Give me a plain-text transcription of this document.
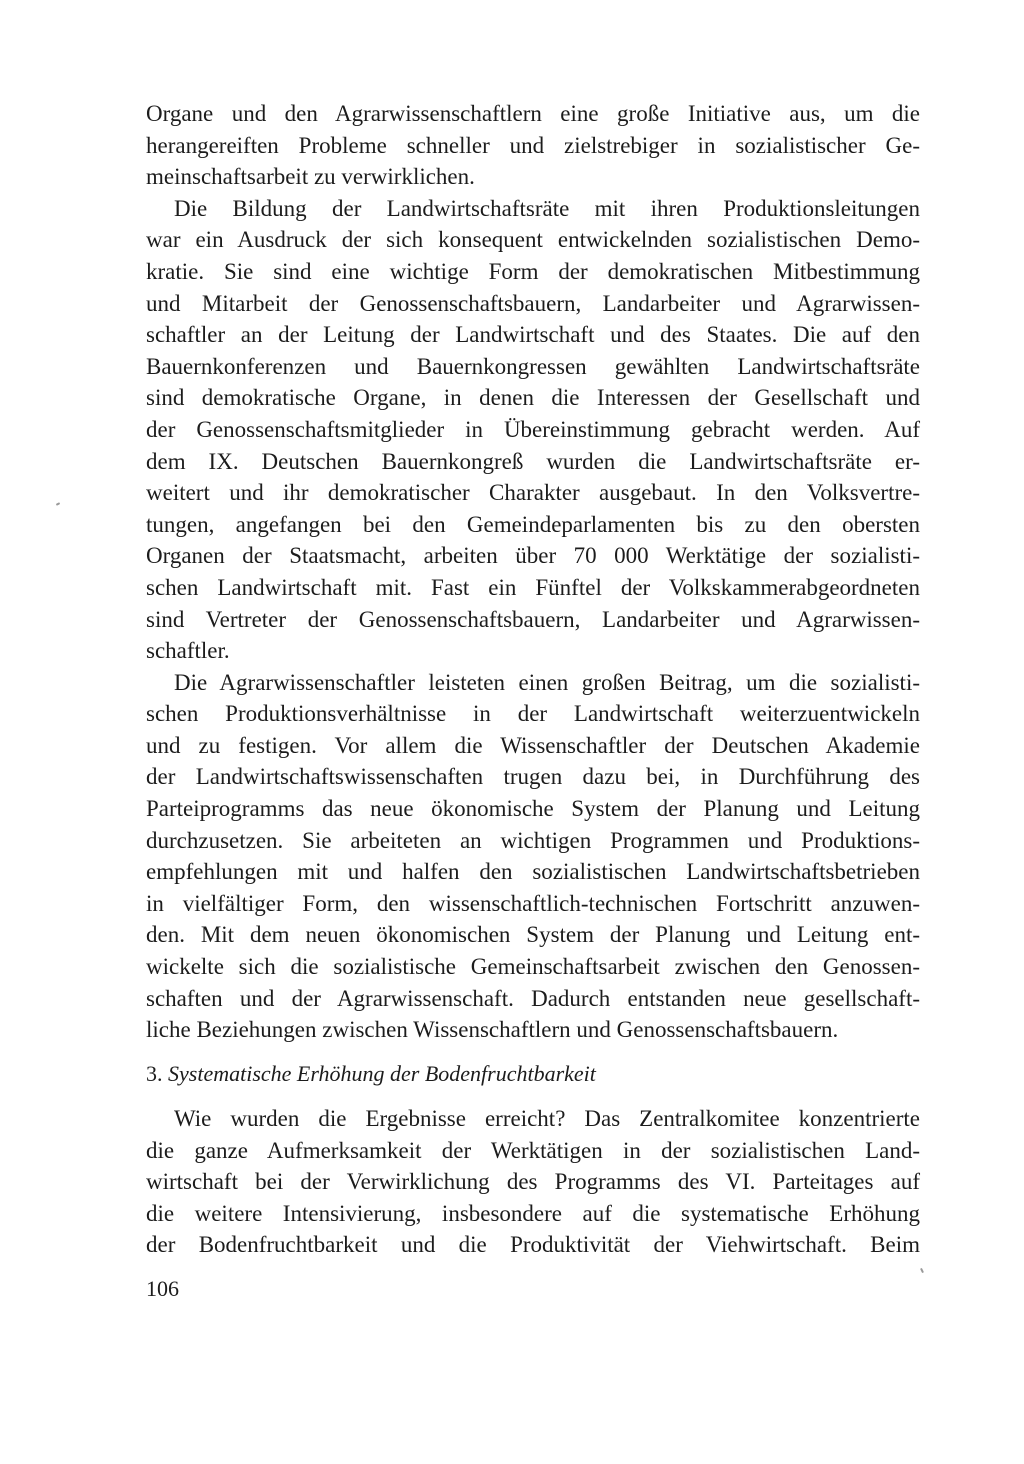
Organe und den Agrarwissenschaftlern eine große Initiative aus, um die
herangereiften Probleme schneller und zielstrebiger in sozialistischer Ge-
meinschaftsarbeit zu verwirklichen.

Die Bildung der Landwirtschaftsräte mit ihren Produktionsleitungen
war ein Ausdruck der sich konsequent entwickelnden sozialistischen Demo-
kratie. Sie sind eine wichtige Form der demokratischen Mitbestimmung
und Mitarbeit der Genossenschaftsbauern, Landarbeiter und Agrarwissen-
schaftler an der Leitung der Landwirtschaft und des Staates. Die auf den
Bauernkonferenzen und Bauernkongressen gewählten Landwirtschaftsräte
sind demokratische Organe, in denen die Interessen der Gesellschaft und
der Genossenschaftsmitglieder in Übereinstimmung gebracht werden. Auf
dem IX. Deutschen Bauernkongreß wurden die Landwirtschaftsräte er-
weitert und ihr demokratischer Charakter ausgebaut. In den Volksvertre-
tungen, angefangen bei den Gemeindeparlamenten bis zu den obersten
Organen der Staatsmacht, arbeiten über 70 000 Werktätige der sozialisti-
schen Landwirtschaft mit. Fast ein Fünftel der Volkskammerabgeordneten
sind Vertreter der Genossenschaftsbauern, Landarbeiter und Agrarwissen-
schaftler.

Die Agrarwissenschaftler leisteten einen großen Beitrag, um die sozialisti-
schen Produktionsverhältnisse in der Landwirtschaft weiterzuentwickeln
und zu festigen. Vor allem die Wissenschaftler der Deutschen Akademie
der Landwirtschaftswissenschaften trugen dazu bei, in Durchführung des
Parteiprogramms das neue ökonomische System der Planung und Leitung
durchzusetzen. Sie arbeiteten an wichtigen Programmen und Produktions-
empfehlungen mit und halfen den sozialistischen Landwirtschaftsbetrieben
in vielfältiger Form, den wissenschaftlich-technischen Fortschritt anzuwen-
den. Mit dem neuen ökonomischen System der Planung und Leitung ent-
wickelte sich die sozialistische Gemeinschaftsarbeit zwischen den Genossen-
schaften und der Agrarwissenschaft. Dadurch entstanden neue gesellschaft-
liche Beziehungen zwischen Wissenschaftlern und Genossenschaftsbauern.

3. Systematische Erhöhung der Bodenfruchtbarkeit

Wie wurden die Ergebnisse erreicht? Das Zentralkomitee konzentrierte
die ganze Aufmerksamkeit der Werktätigen in der sozialistischen Land-
wirtschaft bei der Verwirklichung des Programms des VI. Parteitages auf
die weitere Intensivierung, insbesondere auf die systematische Erhöhung
der Bodenfruchtbarkeit und die Produktivität der Viehwirtschaft. Beim

106
